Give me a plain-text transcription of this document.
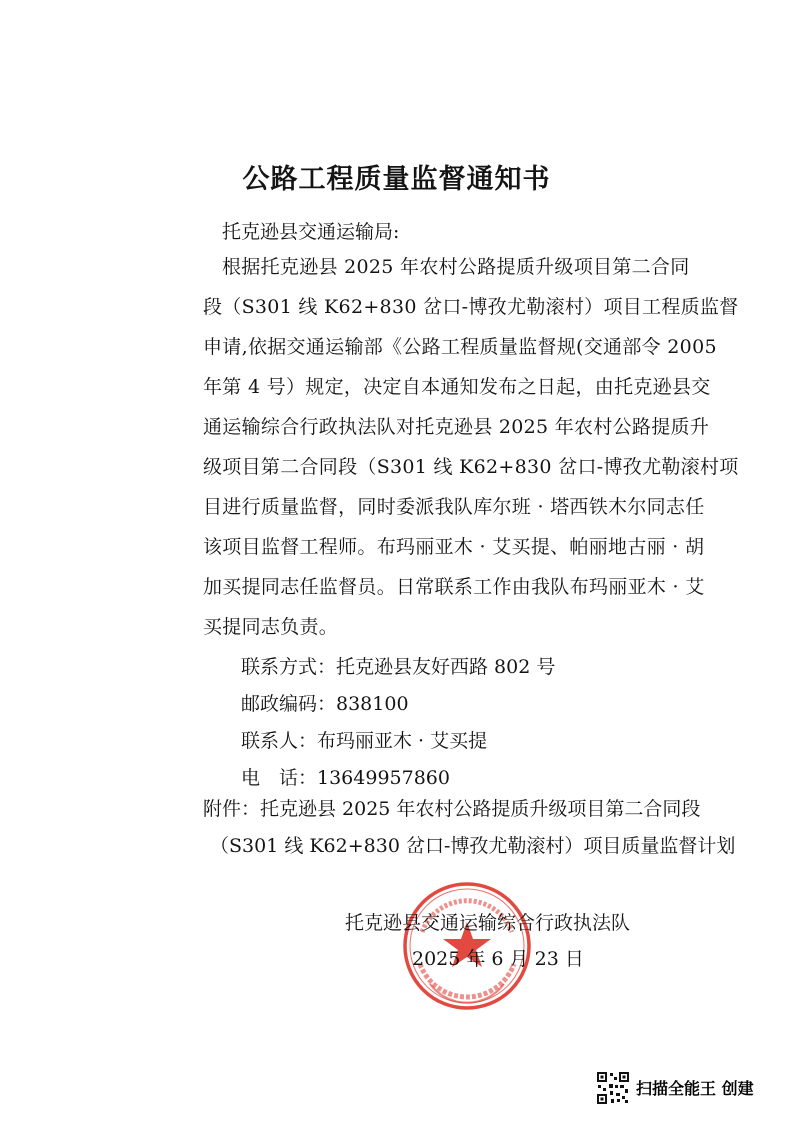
公路工程质量监督通知书
托克逊县交通运输局:
根据托克逊县 2025 年农村公路提质升级项目第二合同
段（S301 线 K62+830 岔口-博孜尤勒滚村）项目工程质监督
申请,依据交通运输部《公路工程质量监督规(交通部令 2005
年第 4 号）规定，决定自本通知发布之日起，由托克逊县交
通运输综合行政执法队对托克逊县 2025 年农村公路提质升
级项目第二合同段（S301 线 K62+830 岔口-博孜尤勒滚村项
目进行质量监督，同时委派我队库尔班 · 塔西铁木尔同志任
该项目监督工程师。布玛丽亚木 · 艾买提、帕丽地古丽 · 胡
加买提同志任监督员。日常联系工作由我队布玛丽亚木 · 艾
买提同志负责。
联系方式：托克逊县友好西路 802 号
邮政编码：838100
联系人：布玛丽亚木 · 艾买提
电　话：13649957860
附件：托克逊县 2025 年农村公路提质升级项目第二合同段
（S301 线 K62+830 岔口-博孜尤勒滚村）项目质量监督计划
托克逊县交通运输综合行政执法队
2025 年 6 月 23 日
扫描全能王 创建
